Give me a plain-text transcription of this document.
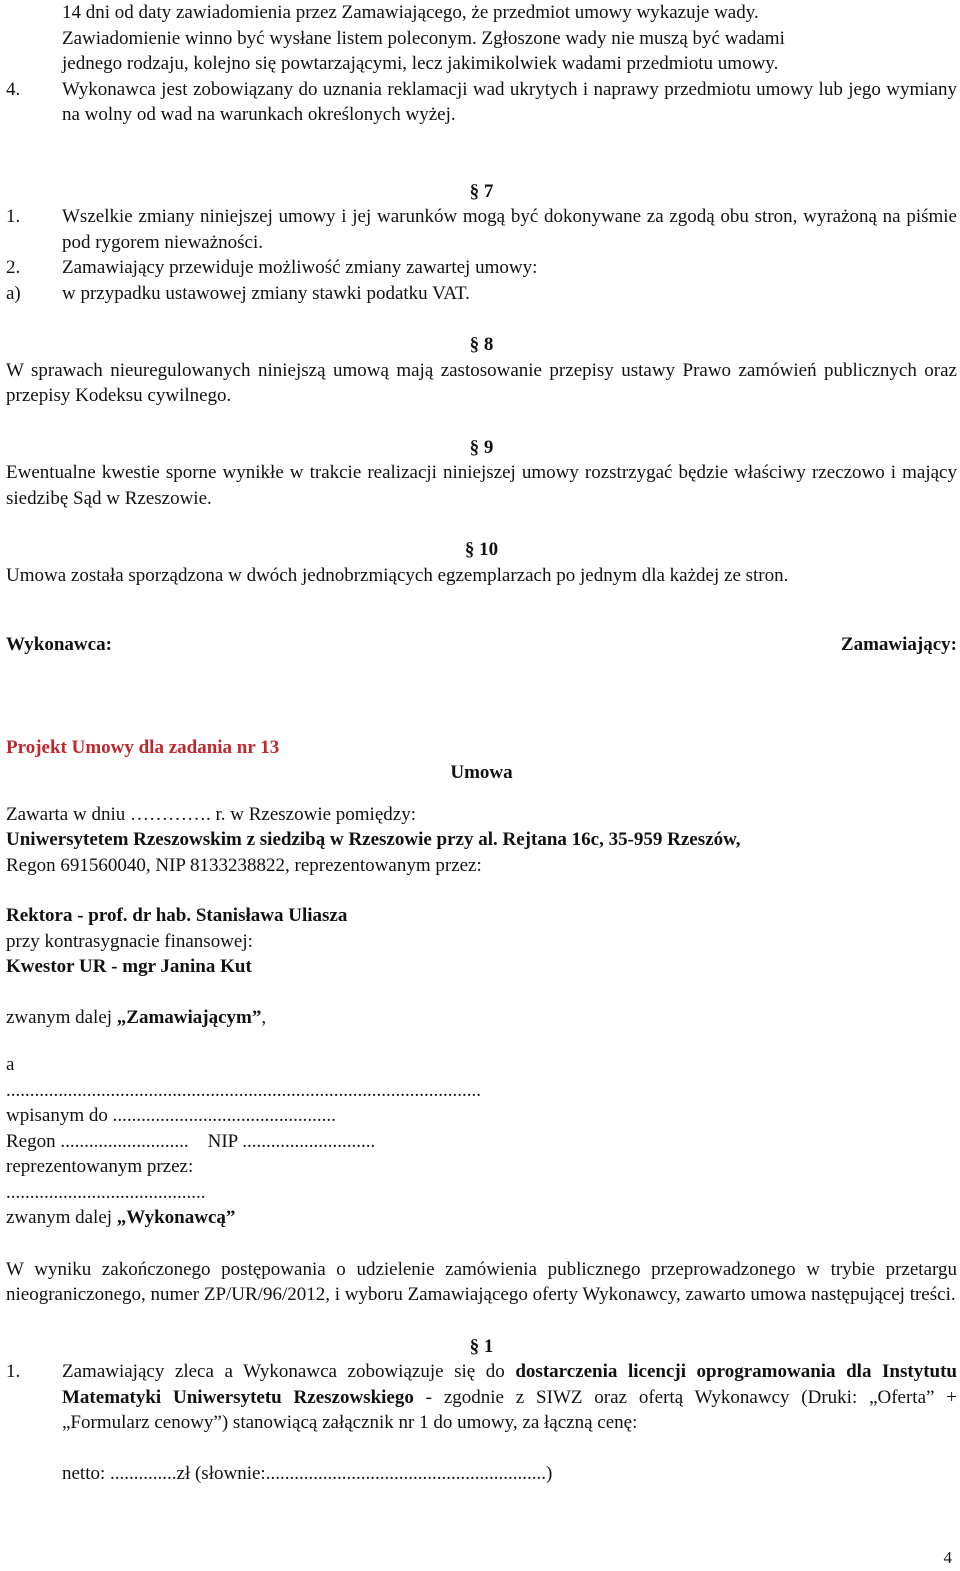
14 dni od daty zawiadomienia przez Zamawiającego, że przedmiot umowy wykazuje wady.

Zawiadomienie winno być wysłane listem poleconym. Zgłoszone wady nie muszą być wadami

jednego rodzaju, kolejno się powtarzającymi, lecz jakimikolwiek wadami przedmiotu umowy.

4.	Wykonawca jest zobowiązany do uznania reklamacji wad ukrytych i naprawy przedmiotu umowy lub jego wymiany na wolny od wad na warunkach określonych wyżej.

§ 7

1.	Wszelkie zmiany niniejszej umowy i jej warunków mogą być dokonywane za zgodą obu stron, wyrażoną na piśmie pod rygorem nieważności.
2.	Zamawiający przewiduje możliwość zmiany zawartej umowy:
a)	w przypadku ustawowej zmiany stawki podatku VAT.

§ 8

W sprawach nieuregulowanych niniejszą umową mają zastosowanie przepisy ustawy Prawo zamówień publicznych oraz przepisy Kodeksu cywilnego.

§ 9

Ewentualne kwestie sporne wynikłe w trakcie realizacji niniejszej umowy rozstrzygać będzie właściwy rzeczowo i mający siedzibę Sąd w Rzeszowie.

§ 10

Umowa została sporządzona w dwóch jednobrzmiących egzemplarzach po jednym dla każdej ze stron.

Wykonawca:	Zamawiający:

Projekt Umowy dla zadania nr 13

Umowa

Zawarta w dniu …………. r. w Rzeszowie pomiędzy:

Uniwersytetem Rzeszowskim z siedzibą w Rzeszowie przy al. Rejtana 16c, 35-959 Rzeszów,

Regon 691560040, NIP 8133238822, reprezentowanym przez:

Rektora - prof. dr hab. Stanisława Uliasza

przy kontrasygnacie finansowej:

Kwestor UR - mgr Janina Kut

zwanym dalej „Zamawiającym”,

a

....................................................................................................

wpisanym do ...............................................

Regon ...........................    NIP ............................

reprezentowanym przez:

..........................................

zwanym dalej „Wykonawcą”

W wyniku zakończonego postępowania o udzielenie zamówienia publicznego przeprowadzonego w trybie przetargu nieograniczonego, numer ZP/UR/96/2012, i wyboru Zamawiającego oferty Wykonawcy, zawarto umowa następującej treści.

§ 1

1.	Zamawiający zleca a Wykonawca zobowiązuje się do dostarczenia licencji oprogramowania dla Instytutu Matematyki Uniwersytetu Rzeszowskiego - zgodnie z SIWZ oraz ofertą Wykonawcy (Druki: „Oferta” + „Formularz cenowy”) stanowiącą załącznik nr 1 do umowy, za łączną cenę:

netto: ..............zł (słownie:...........................................................)

4
